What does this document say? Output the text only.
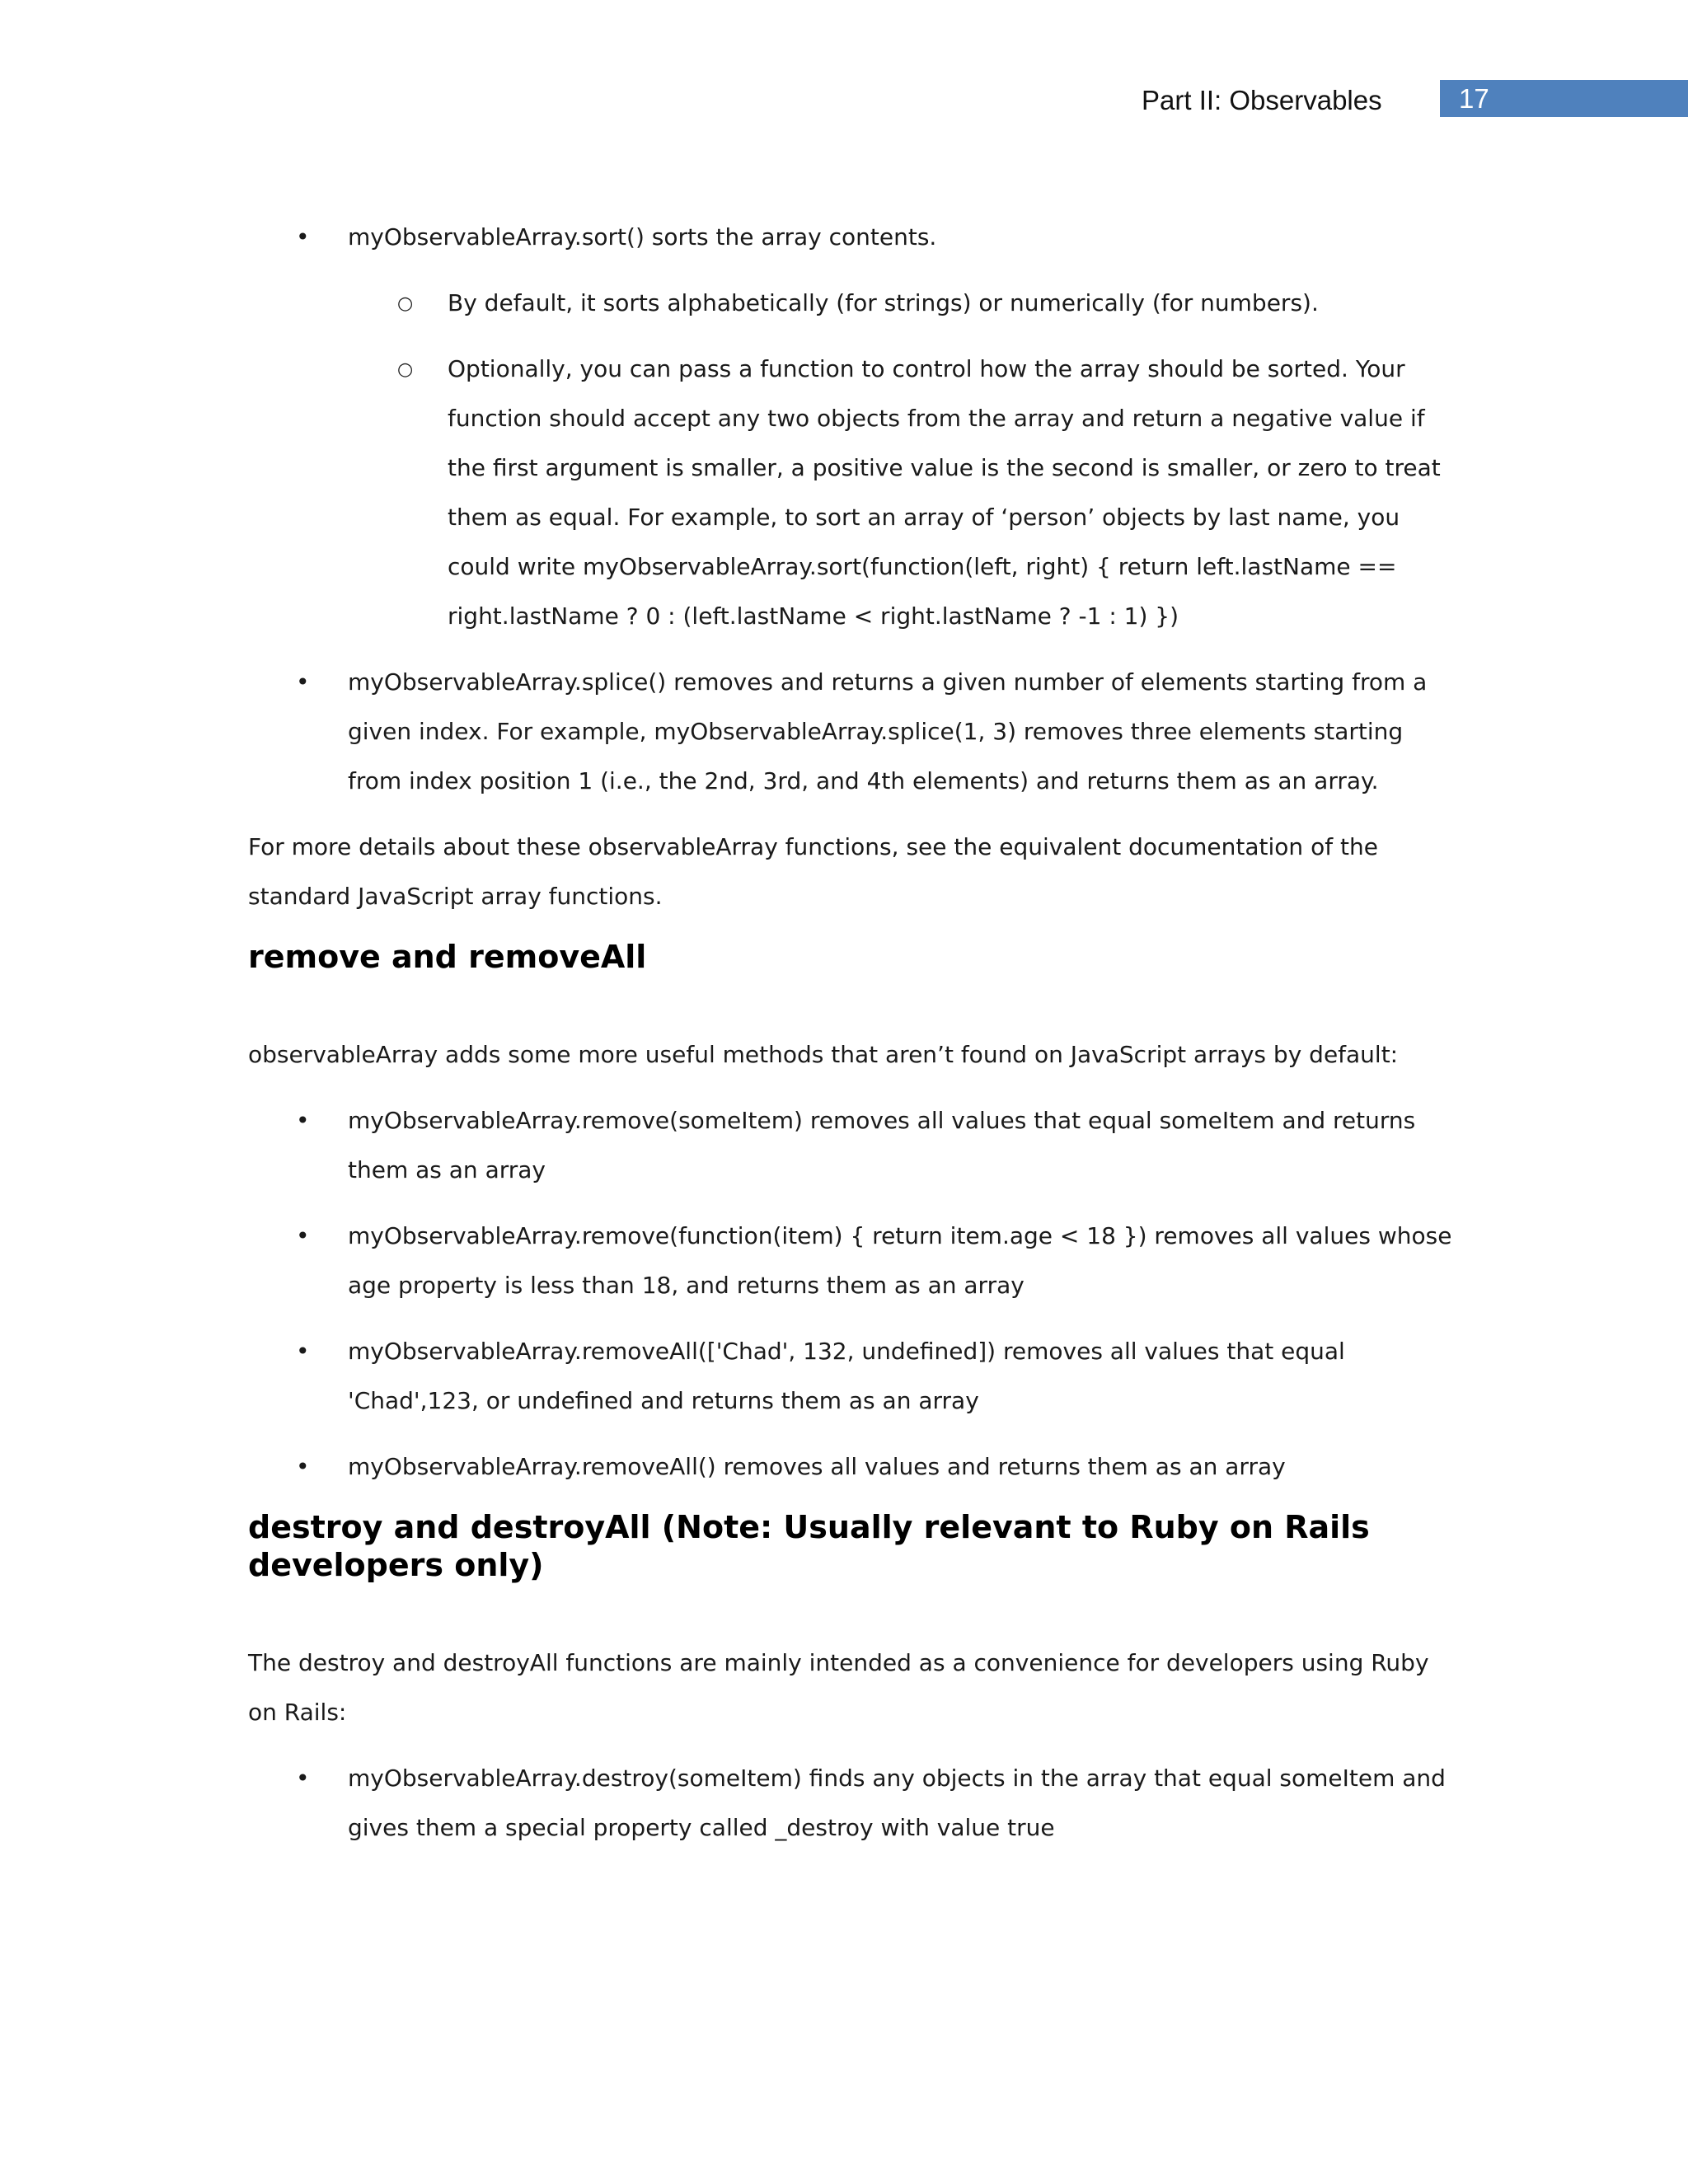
Part II: Observables	17
• myObservableArray.sort() sorts the array contents.
○ By default, it sorts alphabetically (for strings) or numerically (for numbers).
○ Optionally, you can pass a function to control how the array should be sorted. Your function should accept any two objects from the array and return a negative value if the first argument is smaller, a positive value is the second is smaller, or zero to treat them as equal. For example, to sort an array of ‘person’ objects by last name, you could write myObservableArray.sort(function(left, right) { return left.lastName == right.lastName ? 0 : (left.lastName < right.lastName ? -1 : 1) })
• myObservableArray.splice() removes and returns a given number of elements starting from a given index. For example, myObservableArray.splice(1, 3) removes three elements starting from index position 1 (i.e., the 2nd, 3rd, and 4th elements) and returns them as an array.

For more details about these observableArray functions, see the equivalent documentation of the standard JavaScript array functions.

remove and removeAll

observableArray adds some more useful methods that aren’t found on JavaScript arrays by default:

• myObservableArray.remove(someItem) removes all values that equal someItem and returns them as an array
• myObservableArray.remove(function(item) { return item.age < 18 }) removes all values whose age property is less than 18, and returns them as an array
• myObservableArray.removeAll(['Chad', 132, undefined]) removes all values that equal 'Chad',123, or undefined and returns them as an array
• myObservableArray.removeAll() removes all values and returns them as an array
destroy and destroyAll (Note: Usually relevant to Ruby on Rails developers only)

The destroy and destroyAll functions are mainly intended as a convenience for developers using Ruby on Rails:

• myObservableArray.destroy(someItem) finds any objects in the array that equal someItem and gives them a special property called _destroy with value true
